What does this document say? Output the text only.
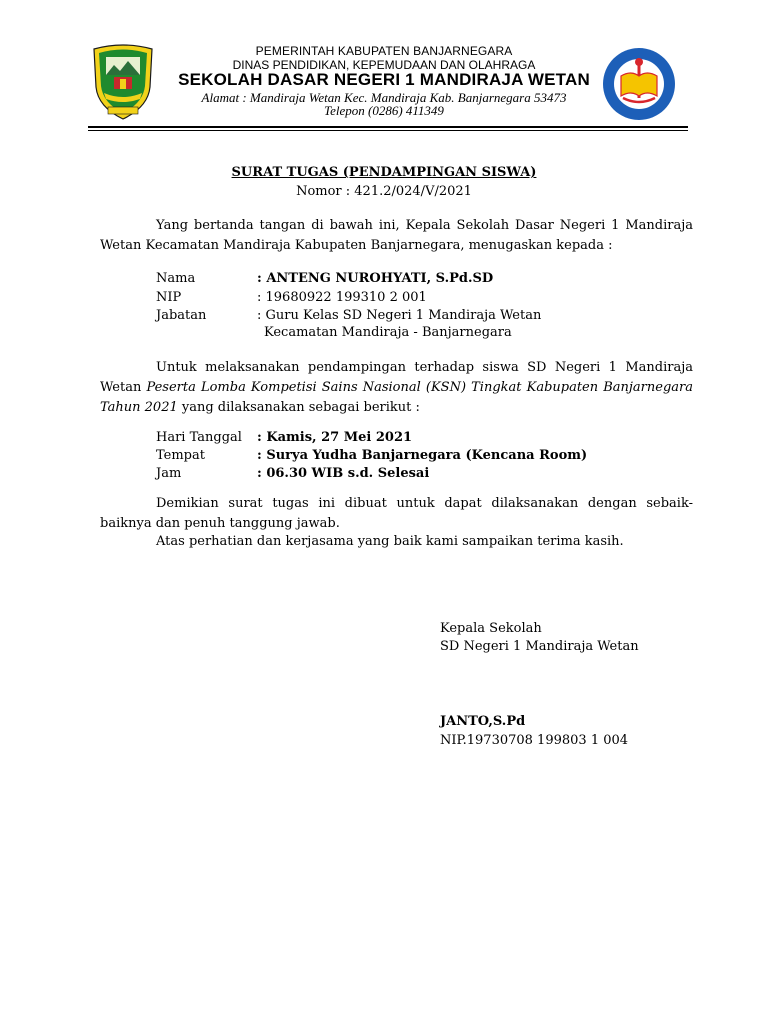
PEMERINTAH KABUPATEN BANJARNEGARA
DINAS PENDIDIKAN, KEPEMUDAAN DAN OLAHRAGA
SEKOLAH DASAR NEGERI 1 MANDIRAJA WETAN
Alamat : Mandiraja Wetan Kec. Mandiraja Kab. Banjarnegara 53473
Telepon (0286) 411349
SURAT TUGAS (PENDAMPINGAN SISWA)
Nomor : 421.2/024/V/2021
Yang bertanda tangan di bawah ini, Kepala Sekolah Dasar Negeri 1 Mandiraja Wetan Kecamatan Mandiraja Kabupaten Banjarnegara, menugaskan kepada :
Nama	: ANTENG NUROHYATI, S.Pd.SD
NIP	: 19680922 199310 2 001
Jabatan	: Guru Kelas SD Negeri 1 Mandiraja Wetan
Kecamatan Mandiraja - Banjarnegara
Untuk melaksanakan pendampingan terhadap siswa SD Negeri 1 Mandiraja Wetan Peserta Lomba Kompetisi Sains Nasional (KSN) Tingkat Kabupaten Banjarnegara Tahun 2021 yang dilaksanakan sebagai berikut :
Hari Tanggal : Kamis, 27 Mei 2021
Tempat	: Surya Yudha Banjarnegara (Kencana Room)
Jam	: 06.30 WIB s.d. Selesai
Demikian surat tugas ini dibuat untuk dapat dilaksanakan dengan sebaik-baiknya dan penuh tanggung jawab.
Atas perhatian dan kerjasama yang baik kami sampaikan terima kasih.
Kepala Sekolah
SD Negeri 1 Mandiraja Wetan
JANTO,S.Pd
NIP.19730708 199803 1 004
